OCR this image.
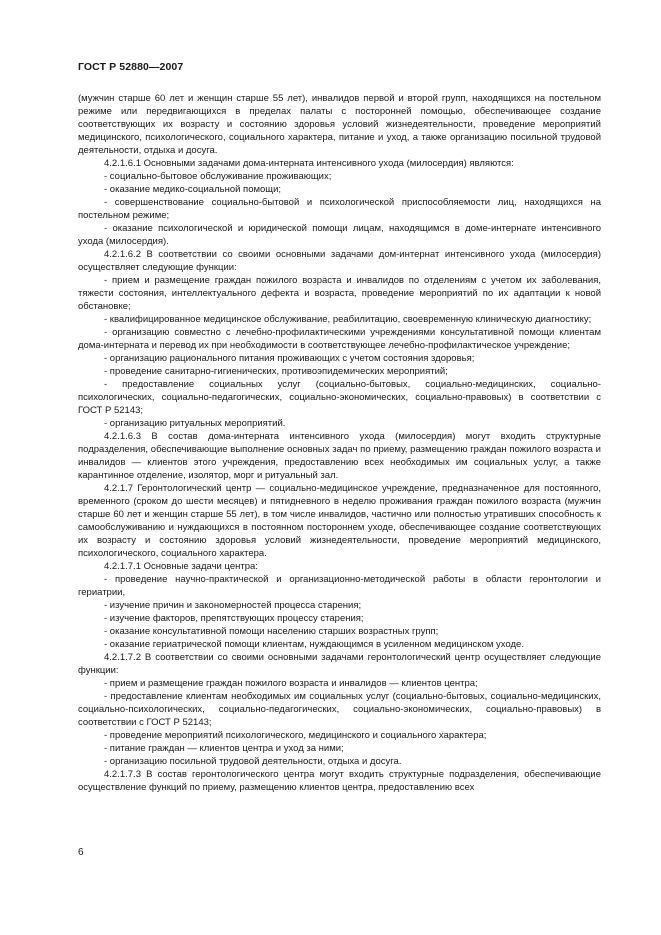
ГОСТ Р 52880—2007

(мужчин старше 60 лет и женщин старше 55 лет), инвалидов первой и второй групп, находящихся на постельном режиме или передвигающихся в пределах палаты с посторонней помощью, обеспечивающее создание соответствующих их возрасту и состоянию здоровья условий жизнедеятельности, проведение мероприятий медицинского, психологического, социального характера, питание и уход, а также организацию посильной трудовой деятельности, отдыха и досуга.

4.2.1.6.1 Основными задачами дома-интерната интенсивного ухода (милосердия) являются:

- социально-бытовое обслуживание проживающих;

- оказание медико-социальной помощи;

- совершенствование социально-бытовой и психологической приспособляемости лиц, находящихся на постельном режиме;

- оказание психологической и юридической помощи лицам, находящимся в доме-интернате интенсивного ухода (милосердия).

4.2.1.6.2 В соответствии со своими основными задачами дом-интернат интенсивного ухода (милосердия) осуществляет следующие функции:

- прием и размещение граждан пожилого возраста и инвалидов по отделениям с учетом их заболевания, тяжести состояния, интеллектуального дефекта и возраста, проведение мероприятий по их адаптации к новой обстановке;

- квалифицированное медицинское обслуживание, реабилитацию, своевременную клиническую диагностику;

- организацию совместно с лечебно-профилактическими учреждениями консультативной помощи клиентам дома-интерната и перевод их при необходимости в соответствующее лечебно-профилактическое учреждение;

- организацию рационального питания проживающих с учетом состояния здоровья;

- проведение санитарно-гигиенических, противоэпидемических мероприятий;

- предоставление социальных услуг (социально-бытовых, социально-медицинских, социально-психологических, социально-педагогических, социально-экономических, социально-правовых) в соответствии с ГОСТ Р 52143;

- организацию ритуальных мероприятий.

4.2.1.6.3 В состав дома-интерната интенсивного ухода (милосердия) могут входить структурные подразделения, обеспечивающие выполнение основных задач по приему, размещению граждан пожилого возраста и инвалидов — клиентов этого учреждения, предоставлению всех необходимых им социальных услуг, а также карантинное отделение, изолятор, морг и ритуальный зал.

4.2.1.7 Геронтологический центр — социально-медицинское учреждение, предназначенное для постоянного, временного (сроком до шести месяцев) и пятидневного в неделю проживания граждан пожилого возраста (мужчин старше 60 лет и женщин старше 55 лет), в том числе инвалидов, частично или полностью утративших способность к самообслуживанию и нуждающихся в постоянном постороннем уходе, обеспечивающее создание соответствующих их возрасту и состоянию здоровья условий жизнедеятельности, проведение мероприятий медицинского, психологического, социального характера.

4.2.1.7.1 Основные задачи центра:

- проведение научно-практической и организационно-методической работы в области геронтологии и гериатрии,

- изучение причин и закономерностей процесса старения;

- изучение факторов, препятствующих процессу старения;

- оказание консультативной помощи населению старших возрастных групп;

- оказание гериатрической помощи клиентам, нуждающимся в усиленном медицинском уходе.

4.2.1.7.2 В соответствии со своими основными задачами геронтологический центр осуществляет следующие функции:

- прием и размещение граждан пожилого возраста и инвалидов — клиентов центра;

- предоставление клиентам необходимых им социальных услуг (социально-бытовых, социально-медицинских, социально-психологических, социально-педагогических, социально-экономических, социально-правовых) в соответствии с ГОСТ Р 52143;

- проведение мероприятий психологического, медицинского и социального характера;

- питание граждан — клиентов центра и уход за ними;

- организацию посильной трудовой деятельности, отдыха и досуга.

4.2.1.7.3 В состав геронтологического центра могут входить структурные подразделения, обеспечивающие осуществление функций по приему, размещению клиентов центра, предоставлению всех

6
